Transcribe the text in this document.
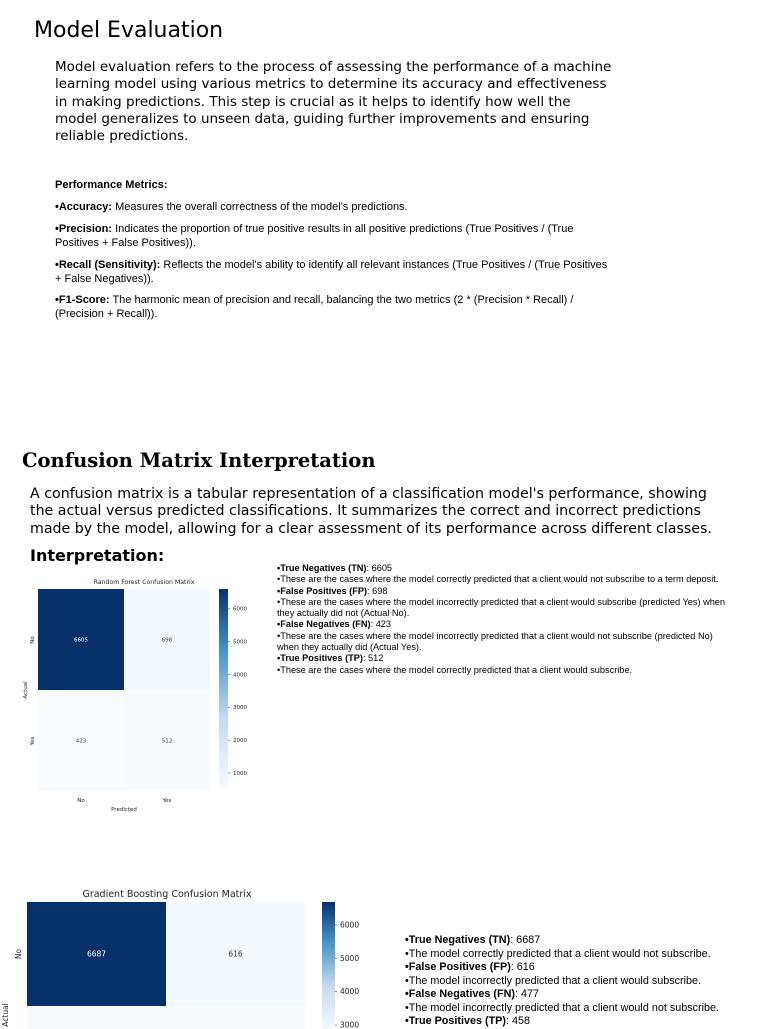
Model Evaluation

Model evaluation refers to the process of assessing the performance of a machine learning model using various metrics to determine its accuracy and effectiveness in making predictions. This step is crucial as it helps to identify how well the model generalizes to unseen data, guiding further improvements and ensuring reliable predictions.

Performance Metrics:

•Accuracy: Measures the overall correctness of the model's predictions.

•Precision: Indicates the proportion of true positive results in all positive predictions (True Positives / (True Positives + False Positives)).

•Recall (Sensitivity): Reflects the model's ability to identify all relevant instances (True Positives / (True Positives + False Negatives)).

•F1-Score: The harmonic mean of precision and recall, balancing the two metrics (2 * (Precision * Recall) / (Precision + Recall)).

Confusion Matrix Interpretation

A confusion matrix is a tabular representation of a classification model's performance, showing the actual versus predicted classifications. It summarizes the correct and incorrect predictions made by the model, allowing for a clear assessment of its performance across different classes.

Interpretation:
Random Forest Confusion Matrix
6605	698
423	512
1000
2000
3000
4000
5000
6000
No	Yes
Predicted
No
Yes
Actual

•True Negatives (TN): 6605

•These are the cases where the model correctly predicted that a client would not subscribe to a term deposit.

•False Positives (FP): 698

•These are the cases where the model incorrectly predicted that a client would subscribe (predicted Yes) when they actually did not (Actual No).

•False Negatives (FN): 423

•These are the cases where the model incorrectly predicted that a client would not subscribe (predicted No) when they actually did (Actual Yes).

•True Positives (TP): 512

•These are the cases where the model correctly predicted that a client would subscribe.

Gradient Boosting Confusion Matrix
6687	616
3000
4000
5000
6000
No
Actual

•True Negatives (TN): 6687

•The model correctly predicted that a client would not subscribe.

•False Positives (FP): 616

•The model incorrectly predicted that a client would subscribe.

•False Negatives (FN): 477

•The model incorrectly predicted that a client would not subscribe.

•True Positives (TP): 458
